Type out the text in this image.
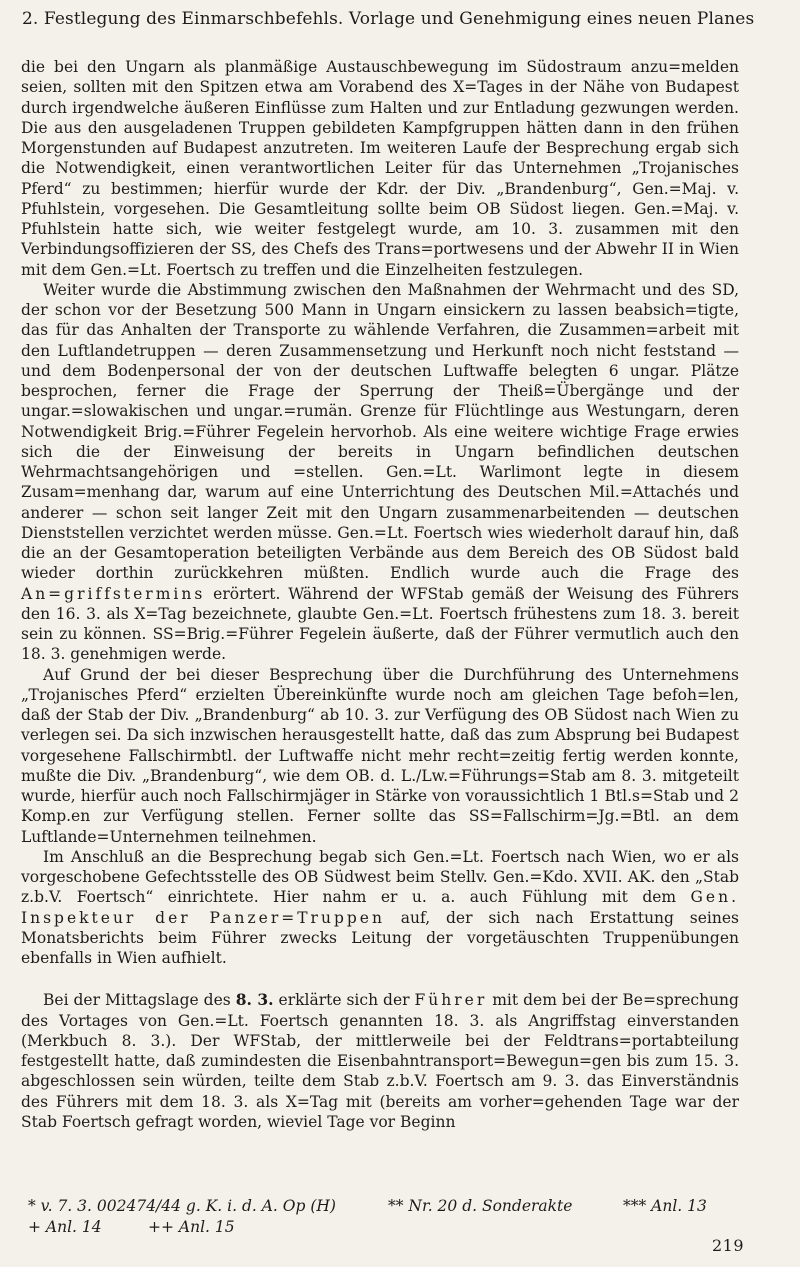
2. Festlegung des Einmarschbefehls. Vorlage und Genehmigung eines neuen Planes

die bei den Ungarn als planmäßige Austauschbewegung im Südostraum anzu=melden seien, sollten mit den Spitzen etwa am Vorabend des X=Tages in der Nähe von Budapest durch irgendwelche äußeren Einflüsse zum Halten und zur Entladung gezwungen werden. Die aus den ausgeladenen Truppen gebildeten Kampfgruppen hätten dann in den frühen Morgenstunden auf Budapest anzutreten. Im weiteren Laufe der Besprechung ergab sich die Notwendigkeit, einen verantwortlichen Leiter für das Unternehmen „Trojanisches Pferd“ zu bestimmen; hierfür wurde der Kdr. der Div. „Brandenburg“, Gen.=Maj. v. Pfuhlstein, vorgesehen. Die Gesamtleitung sollte beim OB Südost liegen. Gen.=Maj. v. Pfuhlstein hatte sich, wie weiter festgelegt wurde, am 10. 3. zusammen mit den Verbindungsoffizieren der SS, des Chefs des Trans=portwesens und der Abwehr II in Wien mit dem Gen.=Lt. Foertsch zu treffen und die Einzelheiten festzulegen.

Weiter wurde die Abstimmung zwischen den Maßnahmen der Wehrmacht und des SD, der schon vor der Besetzung 500 Mann in Ungarn einsickern zu lassen beabsich=tigte, das für das Anhalten der Transporte zu wählende Verfahren, die Zusammen=arbeit mit den Luftlandetruppen — deren Zusammensetzung und Herkunft noch nicht feststand — und dem Bodenpersonal der von der deutschen Luftwaffe belegten 6 ungar. Plätze besprochen, ferner die Frage der Sperrung der Theiß=Übergänge und der ungar.=slowakischen und ungar.=rumän. Grenze für Flüchtlinge aus Westungarn, deren Notwendigkeit Brig.=Führer Fegelein hervorhob. Als eine weitere wichtige Frage erwies sich die der Einweisung der bereits in Ungarn befindlichen deutschen Wehrmachtsangehörigen und =stellen. Gen.=Lt. Warlimont legte in diesem Zusam=menhang dar, warum auf eine Unterrichtung des Deutschen Mil.=Attachés und anderer — schon seit langer Zeit mit den Ungarn zusammenarbeitenden — deutschen Dienststellen verzichtet werden müsse. Gen.=Lt. Foertsch wies wiederholt darauf hin, daß die an der Gesamtoperation beteiligten Verbände aus dem Bereich des OB Südost bald wieder dorthin zurückkehren müßten. Endlich wurde auch die Frage des An=griffstermins erörtert. Während der WFStab gemäß der Weisung des Führers den 16. 3. als X=Tag bezeichnete, glaubte Gen.=Lt. Foertsch frühestens zum 18. 3. bereit sein zu können. SS=Brig.=Führer Fegelein äußerte, daß der Führer vermutlich auch den 18. 3. genehmigen werde.

Auf Grund der bei dieser Besprechung über die Durchführung des Unternehmens „Trojanisches Pferd“ erzielten Übereinkünfte wurde noch am gleichen Tage befoh=len, daß der Stab der Div. „Brandenburg“ ab 10. 3. zur Verfügung des OB Südost nach Wien zu verlegen sei. Da sich inzwischen herausgestellt hatte, daß das zum Absprung bei Budapest vorgesehene Fallschirmbtl. der Luftwaffe nicht mehr recht=zeitig fertig werden konnte, mußte die Div. „Brandenburg“, wie dem OB. d. L./Lw.=Führungs=Stab am 8. 3. mitgeteilt wurde, hierfür auch noch Fallschirmjäger in Stärke von voraussichtlich 1 Btl.s=Stab und 2 Komp.en zur Verfügung stellen. Ferner sollte das SS=Fallschirm=Jg.=Btl. an dem Luftlande=Unternehmen teilnehmen.

Im Anschluß an die Besprechung begab sich Gen.=Lt. Foertsch nach Wien, wo er als vorgeschobene Gefechtsstelle des OB Südwest beim Stellv. Gen.=Kdo. XVII. AK. den „Stab z.b.V. Foertsch“ einrichtete. Hier nahm er u. a. auch Fühlung mit dem Gen. Inspekteur der Panzer=Truppen auf, der sich nach Erstattung seines Monatsberichts beim Führer zwecks Leitung der vorgetäuschten Truppenübungen ebenfalls in Wien aufhielt.

Bei der Mittagslage des 8. 3. erklärte sich der Führer mit dem bei der Be=sprechung des Vortages von Gen.=Lt. Foertsch genannten 18. 3. als Angriffstag einverstanden (Merkbuch 8. 3.). Der WFStab, der mittlerweile bei der Feldtrans=portabteilung festgestellt hatte, daß zumindesten die Eisenbahntransport=Bewegun=gen bis zum 15. 3. abgeschlossen sein würden, teilte dem Stab z.b.V. Foertsch am 9. 3. das Einverständnis des Führers mit dem 18. 3. als X=Tag mit (bereits am vorher=gehenden Tage war der Stab Foertsch gefragt worden, wieviel Tage vor Beginn

* v. 7. 3. 002474/44 g. K. i. d. A. Op (H)	** Nr. 20 d. Sonderakte	*** Anl. 13
+ Anl. 14	++ Anl. 15
219
